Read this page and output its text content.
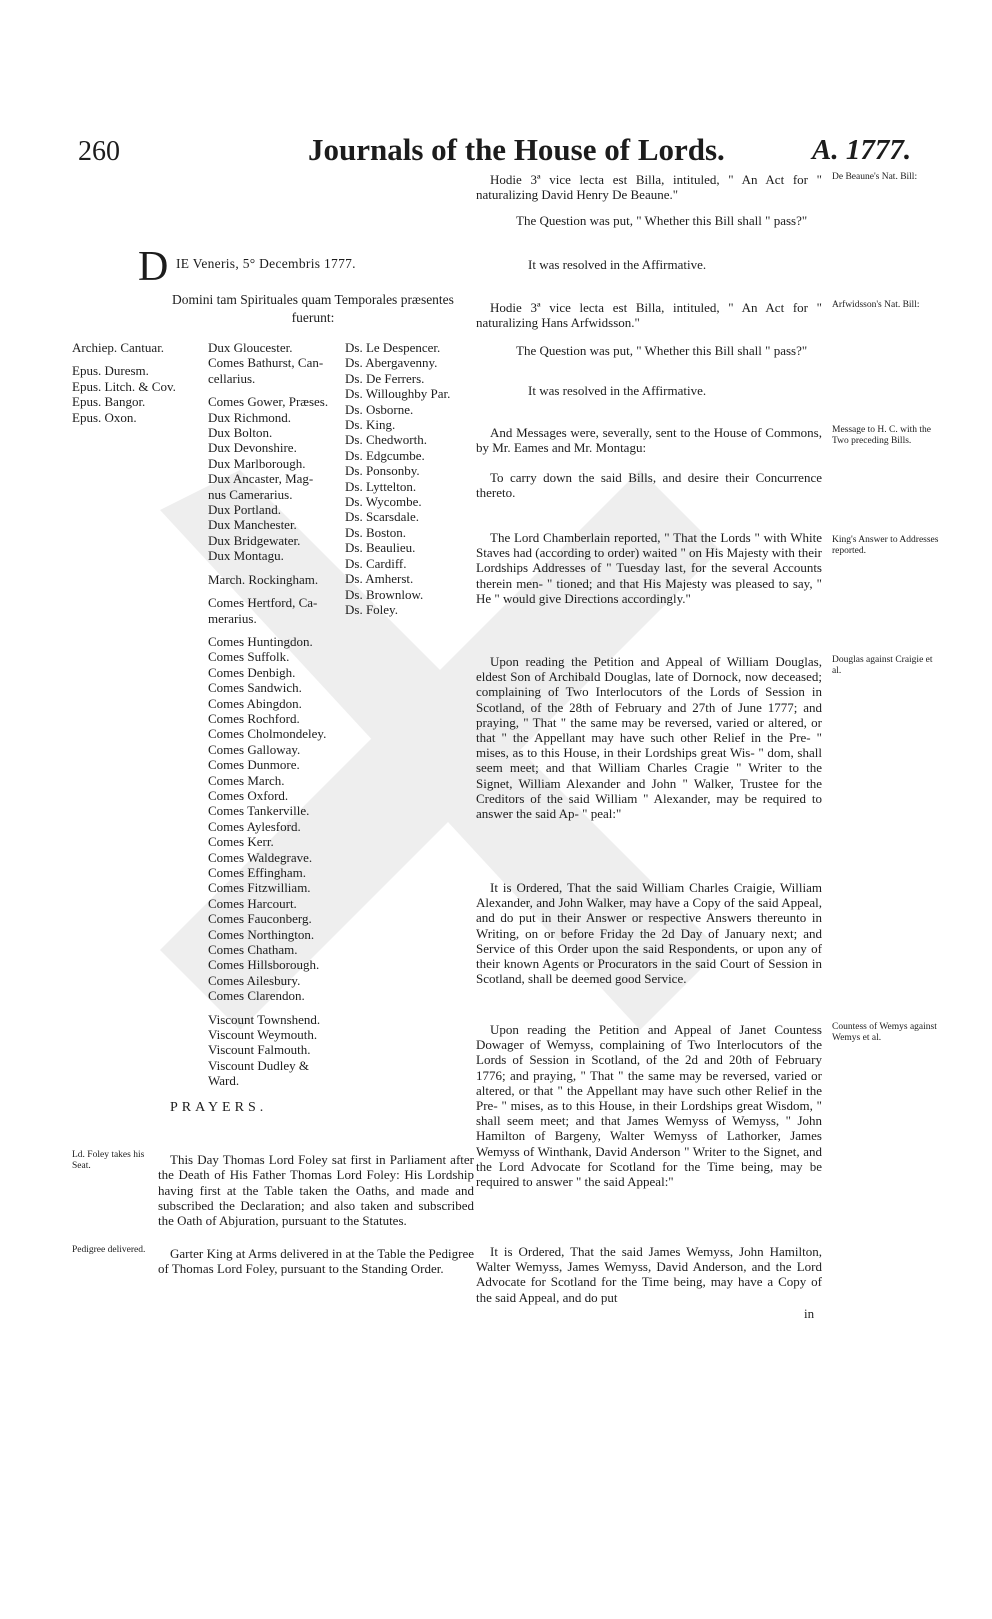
260	Journals of the House of Lords.	A. 1777.
D IE Veneris, 5° Decembris 1777.
Domini tam Spirituales quam Temporales præsentes
fuerunt:
Archiep. Cantuar.
Epus. Duresm.
Epus. Litch. & Cov.
Epus. Bangor.
Epus. Oxon.
Dux Gloucester.
Comes Bathurst, Can-
cellarius.
Comes Gower, Præses.
Dux Richmond.
Dux Bolton.
Dux Devonshire.
Dux Marlborough.
Dux Ancaster, Mag-
nus Camerarius.
Dux Portland.
Dux Manchester.
Dux Bridgewater.
Dux Montagu.
March. Rockingham.
Comes Hertford, Ca-
merarius.
Comes Huntingdon.
Comes Suffolk.
Comes Denbigh.
Comes Sandwich.
Comes Abingdon.
Comes Rochford.
Comes Cholmondeley.
Comes Galloway.
Comes Dunmore.
Comes March.
Comes Oxford.
Comes Tankerville.
Comes Aylesford.
Comes Kerr.
Comes Waldegrave.
Comes Effingham.
Comes Fitzwilliam.
Comes Harcourt.
Comes Fauconberg.
Comes Northington.
Comes Chatham.
Comes Hillsborough.
Comes Ailesbury.
Comes Clarendon.
Viscount Townshend.
Viscount Weymouth.
Viscount Falmouth.
Viscount Dudley &
Ward.
Ds. Le Despencer.
Ds. Abergavenny.
Ds. De Ferrers.
Ds. Willoughby Par.
Ds. Osborne.
Ds. King.
Ds. Chedworth.
Ds. Edgcumbe.
Ds. Ponsonby.
Ds. Lyttelton.
Ds. Wycombe.
Ds. Scarsdale.
Ds. Boston.
Ds. Beaulieu.
Ds. Cardiff.
Ds. Amherst.
Ds. Brownlow.
Ds. Foley.
PRAYERS.
Ld. Foley takes his Seat.	This Day Thomas Lord Foley sat first in Parliament after the Death of His Father Thomas Lord Foley: His Lordship having first at the Table taken the Oaths, and made and subscribed the Declaration; and also taken and subscribed the Oath of Abjuration, pursuant to the Statutes.
Pedigree delivered.	Garter King at Arms delivered in at the Table the Pedigree of Thomas Lord Foley, pursuant to the Standing Order.
Hodie 3ª vice lecta est Billa, intituled, " An Act for " naturalizing David Henry De Beaune."
De Beaune's Nat. Bill:
The Question was put, " Whether this Bill shall " pass?"
It was resolved in the Affirmative.
Hodie 3ª vice lecta est Billa, intituled, " An Act for " naturalizing Hans Arfwidsson."
Arfwidsson's Nat. Bill:
The Question was put, " Whether this Bill shall " pass?"
It was resolved in the Affirmative.
And Messages were, severally, sent to the House of Commons, by Mr. Eames and Mr. Montagu:
Message to H. C. with the Two preceding Bills.
To carry down the said Bills, and desire their Concurrence thereto.
The Lord Chamberlain reported, " That the Lords " with White Staves had (according to order) waited " on His Majesty with their Lordships Addresses of " Tuesday last, for the several Accounts therein men- " tioned; and that His Majesty was pleased to say, " He " would give Directions accordingly."
King's Answer to Addresses reported.
Upon reading the Petition and Appeal of William Douglas, eldest Son of Archibald Douglas, late of Dornock, now deceased; complaining of Two Interlocutors of the Lords of Session in Scotland, of the 28th of February and 27th of June 1777; and praying, " That " the same may be reversed, varied or altered, or that " the Appellant may have such other Relief in the Pre- " mises, as to this House, in their Lordships great Wis- " dom, shall seem meet; and that William Charles Cragie " Writer to the Signet, William Alexander and John " Walker, Trustee for the Creditors of the said William " Alexander, may be required to answer the said Ap- " peal:"
Douglas against Craigie et al.
It is Ordered, That the said William Charles Craigie, William Alexander, and John Walker, may have a Copy of the said Appeal, and do put in their Answer or respective Answers thereunto in Writing, on or before Friday the 2d Day of January next; and Service of this Order upon the said Respondents, or upon any of their known Agents or Procurators in the said Court of Session in Scotland, shall be deemed good Service.
Upon reading the Petition and Appeal of Janet Countess Dowager of Wemyss, complaining of Two Interlocutors of the Lords of Session in Scotland, of the 2d and 20th of February 1776; and praying, " That " the same may be reversed, varied or altered, or that " the Appellant may have such other Relief in the Pre- " mises, as to this House, in their Lordships great Wisdom, " shall seem meet; and that James Wemyss of Wemyss, " John Hamilton of Bargeny, Walter Wemyss of Lathorker, James Wemyss of Winthank, David Anderson " Writer to the Signet, and the Lord Advocate for Scotland for the Time being, may be required to answer " the said Appeal:"
Countess of Wemys against Wemys et al.
It is Ordered, That the said James Wemyss, John Hamilton, Walter Wemyss, James Wemyss, David Anderson, and the Lord Advocate for Scotland for the Time being, may have a Copy of the said Appeal, and do put
in
